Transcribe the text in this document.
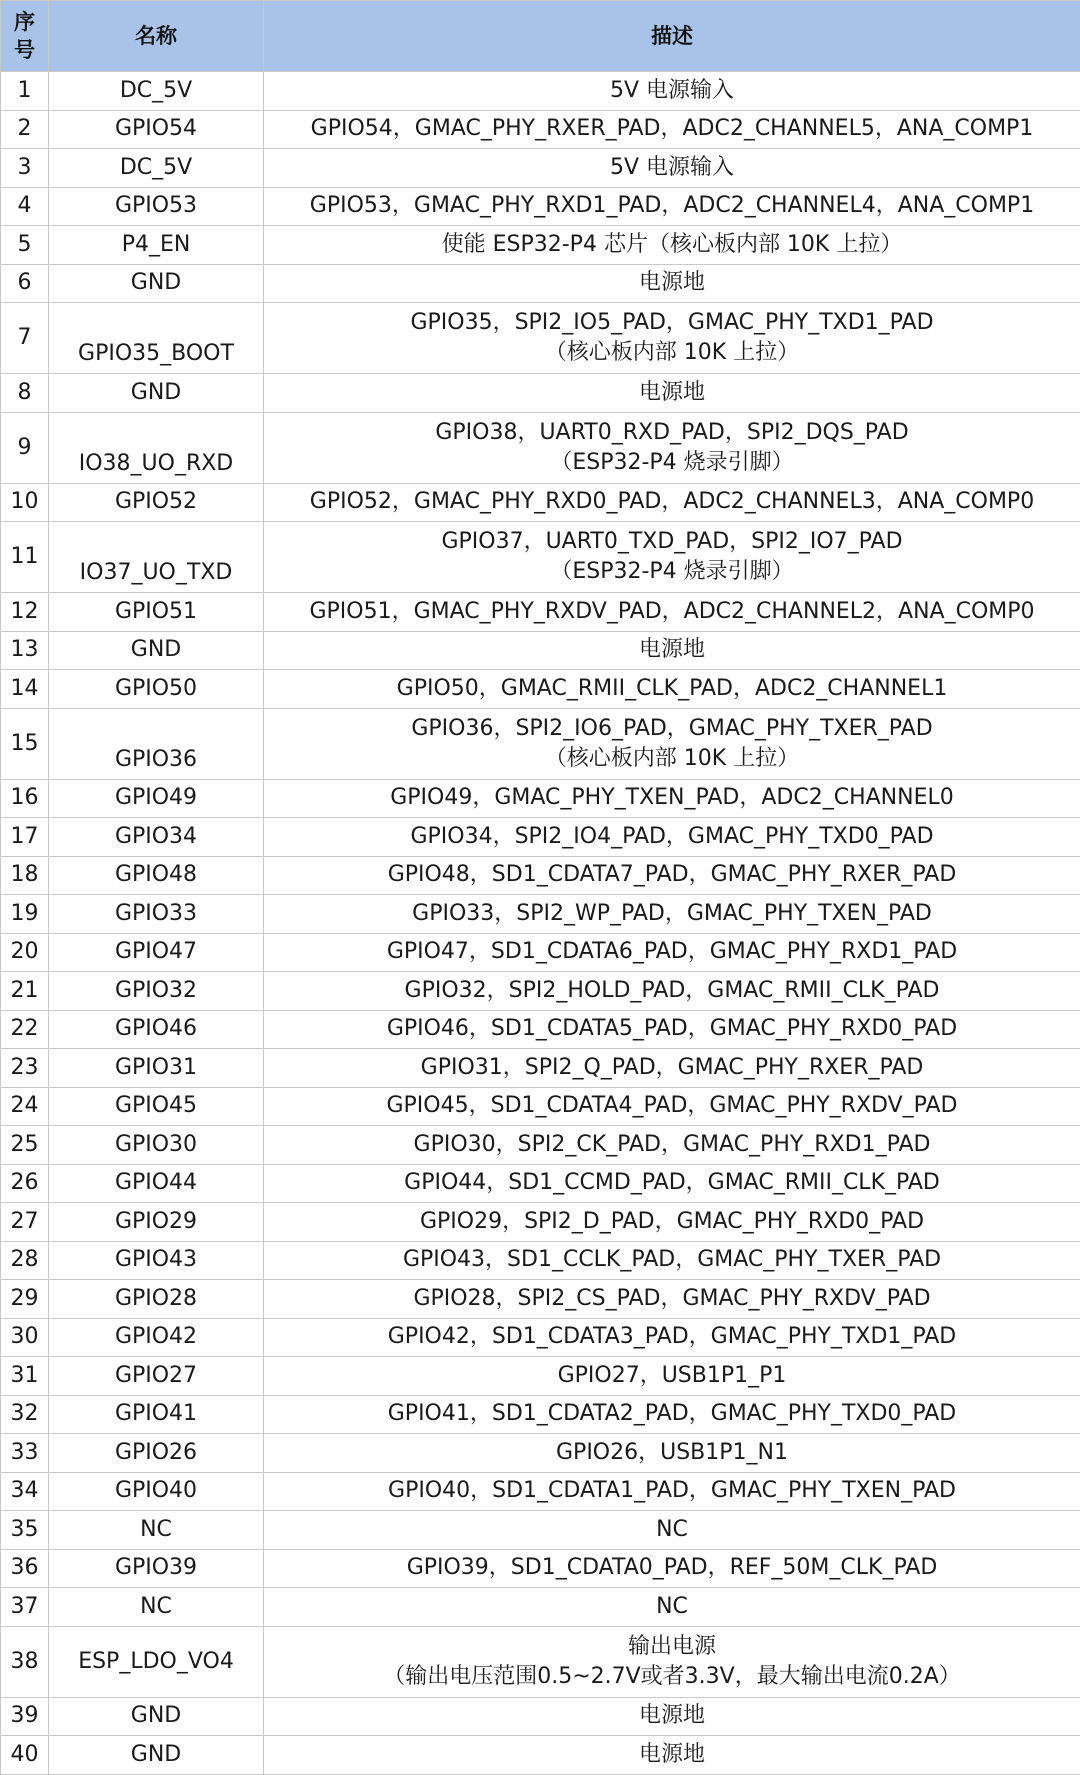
序
号	名称	描述
1	DC_5V	5V 电源输入

2	GPIO54	GPIO54，GMAC_PHY_RXER_PAD，ADC2_CHANNEL5，ANA_COMP1

3	DC_5V	5V 电源输入

4	GPIO53	GPIO53，GMAC_PHY_RXD1_PAD，ADC2_CHANNEL4，ANA_COMP1

5	P4_EN	使能 ESP32-P4 芯片（核心板内部 10K 上拉）

6	GND	电源地

7	GPIO35_BOOT	GPIO35，SPI2_IO5_PAD，GMAC_PHY_TXD1_PAD
（核心板内部 10K 上拉）

8	GND	电源地

9	IO38_UO_RXD	GPIO38，UART0_RXD_PAD，SPI2_DQS_PAD
（ESP32-P4 烧录引脚）

10	GPIO52	GPIO52，GMAC_PHY_RXD0_PAD，ADC2_CHANNEL3，ANA_COMP0

11	IO37_UO_TXD	GPIO37，UART0_TXD_PAD，SPI2_IO7_PAD
（ESP32-P4 烧录引脚）

12	GPIO51	GPIO51，GMAC_PHY_RXDV_PAD，ADC2_CHANNEL2，ANA_COMP0

13	GND	电源地

14	GPIO50	GPIO50，GMAC_RMII_CLK_PAD，ADC2_CHANNEL1

15	GPIO36	GPIO36，SPI2_IO6_PAD，GMAC_PHY_TXER_PAD
（核心板内部 10K 上拉）

16	GPIO49	GPIO49，GMAC_PHY_TXEN_PAD，ADC2_CHANNEL0

17	GPIO34	GPIO34，SPI2_IO4_PAD，GMAC_PHY_TXD0_PAD

18	GPIO48	GPIO48，SD1_CDATA7_PAD，GMAC_PHY_RXER_PAD

19	GPIO33	GPIO33，SPI2_WP_PAD，GMAC_PHY_TXEN_PAD

20	GPIO47	GPIO47，SD1_CDATA6_PAD，GMAC_PHY_RXD1_PAD

21	GPIO32	GPIO32，SPI2_HOLD_PAD，GMAC_RMII_CLK_PAD

22	GPIO46	GPIO46，SD1_CDATA5_PAD，GMAC_PHY_RXD0_PAD

23	GPIO31	GPIO31，SPI2_Q_PAD，GMAC_PHY_RXER_PAD

24	GPIO45	GPIO45，SD1_CDATA4_PAD，GMAC_PHY_RXDV_PAD

25	GPIO30	GPIO30，SPI2_CK_PAD，GMAC_PHY_RXD1_PAD

26	GPIO44	GPIO44，SD1_CCMD_PAD，GMAC_RMII_CLK_PAD

27	GPIO29	GPIO29，SPI2_D_PAD，GMAC_PHY_RXD0_PAD

28	GPIO43	GPIO43，SD1_CCLK_PAD，GMAC_PHY_TXER_PAD

29	GPIO28	GPIO28，SPI2_CS_PAD，GMAC_PHY_RXDV_PAD

30	GPIO42	GPIO42，SD1_CDATA3_PAD，GMAC_PHY_TXD1_PAD

31	GPIO27	GPIO27，USB1P1_P1

32	GPIO41	GPIO41，SD1_CDATA2_PAD，GMAC_PHY_TXD0_PAD

33	GPIO26	GPIO26，USB1P1_N1

34	GPIO40	GPIO40，SD1_CDATA1_PAD，GMAC_PHY_TXEN_PAD

35	NC	NC

36	GPIO39	GPIO39，SD1_CDATA0_PAD，REF_50M_CLK_PAD

37	NC	NC

38	ESP_LDO_VO4	输出电源
（输出电压范围0.5~2.7V或者3.3V，最大输出电流0.2A）

39	GND	电源地

40	GND	电源地
